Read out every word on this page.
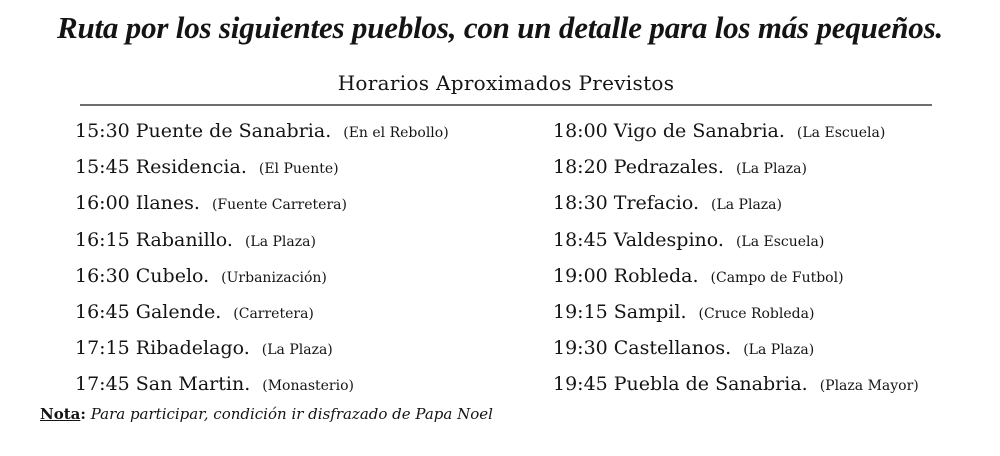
Ruta por los siguientes pueblos, con un detalle para los más pequeños.
Horarios Aproximados Previstos
15:30 Puente de Sanabria. (En el Rebollo)
15:45 Residencia. (El Puente)
16:00 Ilanes. (Fuente Carretera)
16:15 Rabanillo. (La Plaza)
16:30 Cubelo. (Urbanización)
16:45 Galende. (Carretera)
17:15 Ribadelago. (La Plaza)
17:45 San Martin. (Monasterio)
18:00 Vigo de Sanabria. (La Escuela)
18:20 Pedrazales. (La Plaza)
18:30 Trefacio. (La Plaza)
18:45 Valdespino. (La Escuela)
19:00 Robleda. (Campo de Futbol)
19:15 Sampil. (Cruce Robleda)
19:30 Castellanos. (La Plaza)
19:45 Puebla de Sanabria. (Plaza Mayor)
Nota: Para participar, condición ir disfrazado de Papa Noel
